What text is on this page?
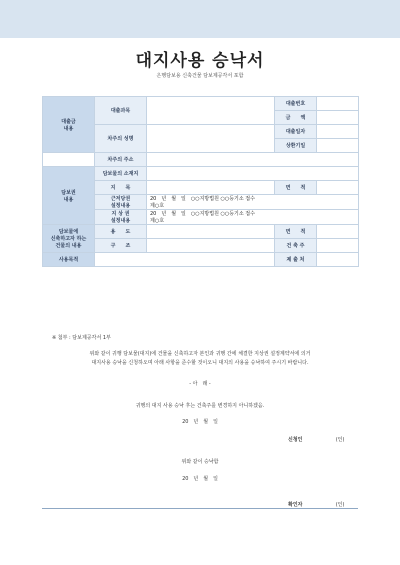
대지사용 승낙서
은행담보용 신축건물 담보제공각서 포함
대출금
내용	대출과목		대출번호	
			금　　액	
	차주의 성명		대출일자	
			상환기일	
	차주의 주소			
담보권
내용	담보물의 소재지			
	지　　목		면　　적	
	근저당권
설정내용	20　년　월　일　○○지방법원 ○○등기소 접수
제○호		
	지 상 권
설정내용	20　년　월　일　○○지방법원 ○○등기소 접수
제○호		
담보물에
신축하고자 하는
건물의 내용	용　　도		면　　적	
	구　　조		건 축 주	
사용목적			제 출 처	
※ 첨부 : 담보제공각서 1부
위와 같이 귀행 담보물(대지)에 건물을 신축하고자 본인과 귀행 간에 체결한 지상권 설정계약서에 의거
대지사용 승낙을 신청하오며 아래 사항을 준수할 것이오니 대지의 사용을 승낙하여 주시기 바랍니다.
- 아　래 -
귀행의 대지 사용 승낙 후는 건축주를 변경하지 아니하겠음.
20　년　월　일
신청인	(인)
위와 같이 승낙함
20　년　월　일
확인자	(인)
